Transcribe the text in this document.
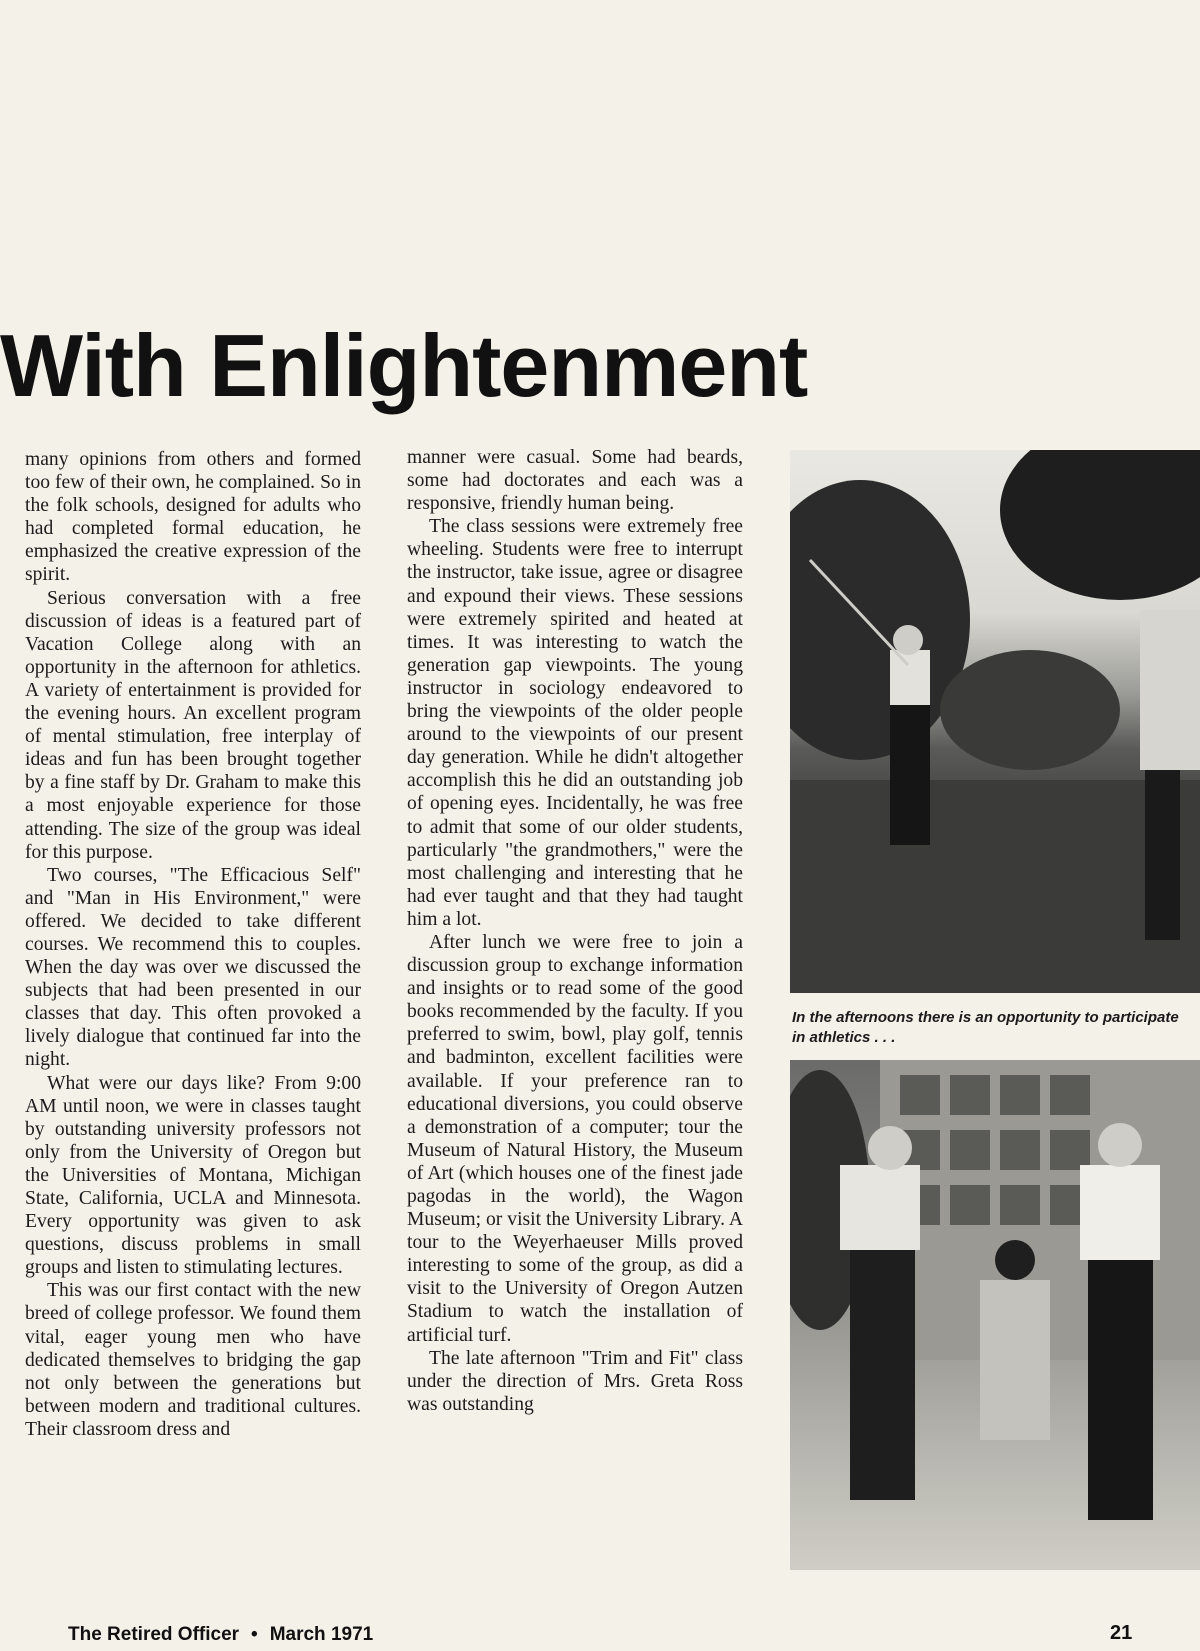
With Enlightenment

many opinions from others and formed too few of their own, he complained. So in the folk schools, designed for adults who had completed formal education, he emphasized the creative expression of the spirit.

Serious conversation with a free discussion of ideas is a featured part of Vacation College along with an opportunity in the afternoon for athletics. A variety of entertainment is provided for the evening hours. An excellent program of mental stimulation, free interplay of ideas and fun has been brought together by a fine staff by Dr. Graham to make this a most enjoyable experience for those attending. The size of the group was ideal for this purpose.

Two courses, "The Efficacious Self" and "Man in His Environment," were offered. We decided to take different courses. We recommend this to couples. When the day was over we discussed the subjects that had been presented in our classes that day. This often provoked a lively dialogue that continued far into the night.

What were our days like? From 9:00 AM until noon, we were in classes taught by outstanding university professors not only from the University of Oregon but the Universities of Montana, Michigan State, California, UCLA and Minnesota. Every opportunity was given to ask questions, discuss problems in small groups and listen to stimulating lectures.

This was our first contact with the new breed of college professor. We found them vital, eager young men who have dedicated themselves to bridging the gap not only between the generations but between modern and traditional cultures. Their classroom dress and

manner were casual. Some had beards, some had doctorates and each was a responsive, friendly human being.

The class sessions were extremely free wheeling. Students were free to interrupt the instructor, take issue, agree or disagree and expound their views. These sessions were extremely spirited and heated at times. It was interesting to watch the generation gap viewpoints. The young instructor in sociology endeavored to bring the viewpoints of the older people around to the viewpoints of our present day generation. While he didn't altogether accomplish this he did an outstanding job of opening eyes. Incidentally, he was free to admit that some of our older students, particularly "the grandmothers," were the most challenging and interesting that he had ever taught and that they had taught him a lot.

After lunch we were free to join a discussion group to exchange information and insights or to read some of the good books recommended by the faculty. If you preferred to swim, bowl, play golf, tennis and badminton, excellent facilities were available. If your preference ran to educational diversions, you could observe a demonstration of a computer; tour the Museum of Natural History, the Museum of Art (which houses one of the finest jade pagodas in the world), the Wagon Museum; or visit the University Library. A tour to the Weyerhaeuser Mills proved interesting to some of the group, as did a visit to the University of Oregon Autzen Stadium to watch the installation of artificial turf.

The late afternoon "Trim and Fit" class under the direction of Mrs. Greta Ross was outstanding

In the afternoons there is an opportunity to participate in athletics . . .
The Retired Officer • March 1971	21
